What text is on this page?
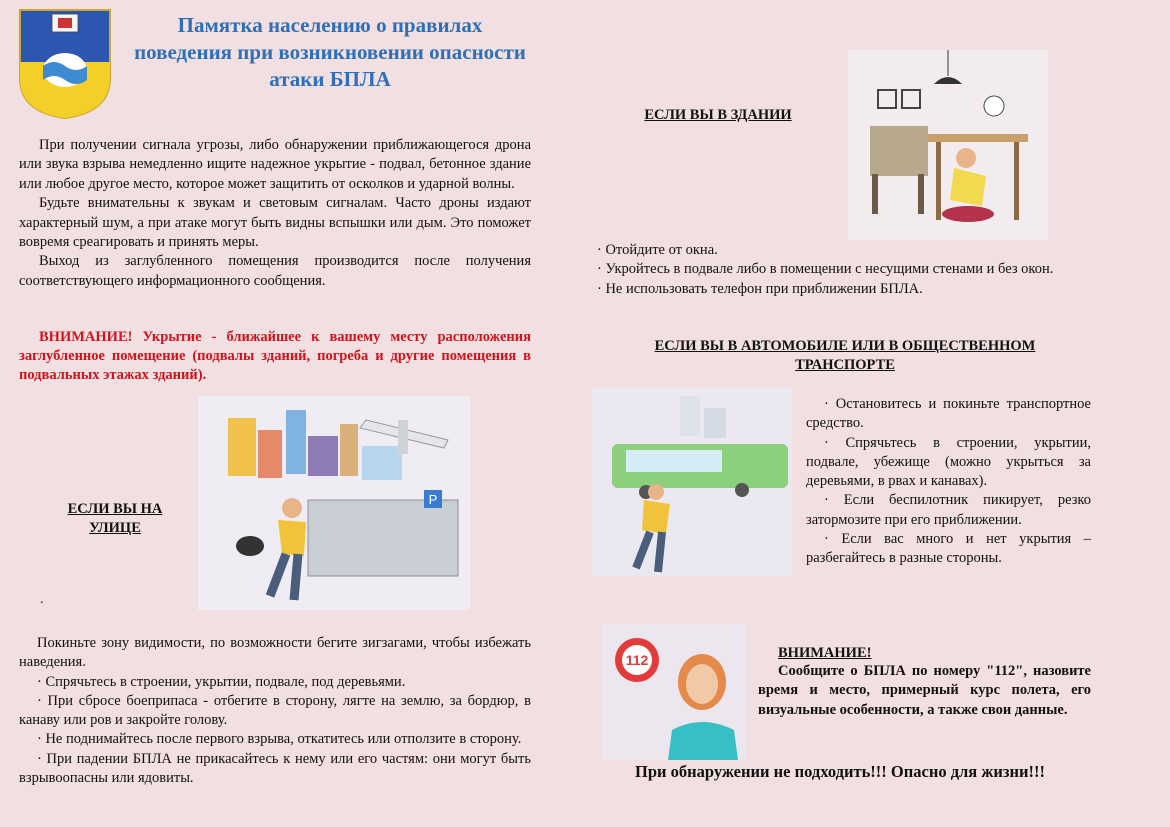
Памятка населению о правилах поведения при возникновении опасности атаки БПЛА

При получении сигнала угрозы, либо обнаружении приближающегося дрона или звука взрыва немедленно ищите надежное укрытие - подвал, бетонное здание или любое другое место, которое может защитить от осколков и ударной волны.

Будьте внимательны к звукам и световым сигналам. Часто дроны издают характерный шум, а при атаке могут быть видны вспышки или дым. Это поможет вовремя среагировать и принять меры.

Выход из заглубленного помещения производится после получения соответствующего информационного сообщения.

ВНИМАНИЕ! Укрытие - ближайшее к вашему месту расположения заглубленное помещение (подвалы зданий, погреба и другие помещения в подвальных этажах зданий).
P
ЕСЛИ ВЫ НА
УЛИЦЕ
.

Покиньте зону видимости, по возможности бегите зигзагами, чтобы избежать наведения.

· Спрячьтесь в строении, укрытии, подвале, под деревьями.

· При сбросе боеприпаса - отбегите в сторону, лягте на землю, за бордюр, в канаву или ров и закройте голову.

· Не поднимайтесь после первого взрыва, откатитесь или отползите в сторону.

· При падении БПЛА не прикасайтесь к нему или его частям: они могут быть взрывоопасны или ядовиты.

ЕСЛИ ВЫ В ЗДАНИИ

· Отойдите от окна.

· Укройтесь в подвале либо в помещении с несущими стенами и без окон.

· Не использовать телефон при приближении БПЛА.

ЕСЛИ ВЫ В АВТОМОБИЛЕ ИЛИ В ОБЩЕСТВЕННОМ
ТРАНСПОРТЕ

· Остановитесь и покиньте транспортное средство.

· Спрячьтесь в строении, укрытии, подвале, убежище (можно укрыться за деревьями, в рвах и канавах).

· Если беспилотник пикирует, резко затормозите при его приближении.

· Если вас много и нет укрытия – разбегайтесь в разные стороны.

112	ВНИМАНИЕ!
Сообщите о БПЛА по номеру "112", назовите время и место, примерный курс полета, его визуальные особенности, а также свои данные.
При обнаружении не подходить!!! Опасно для жизни!!!
